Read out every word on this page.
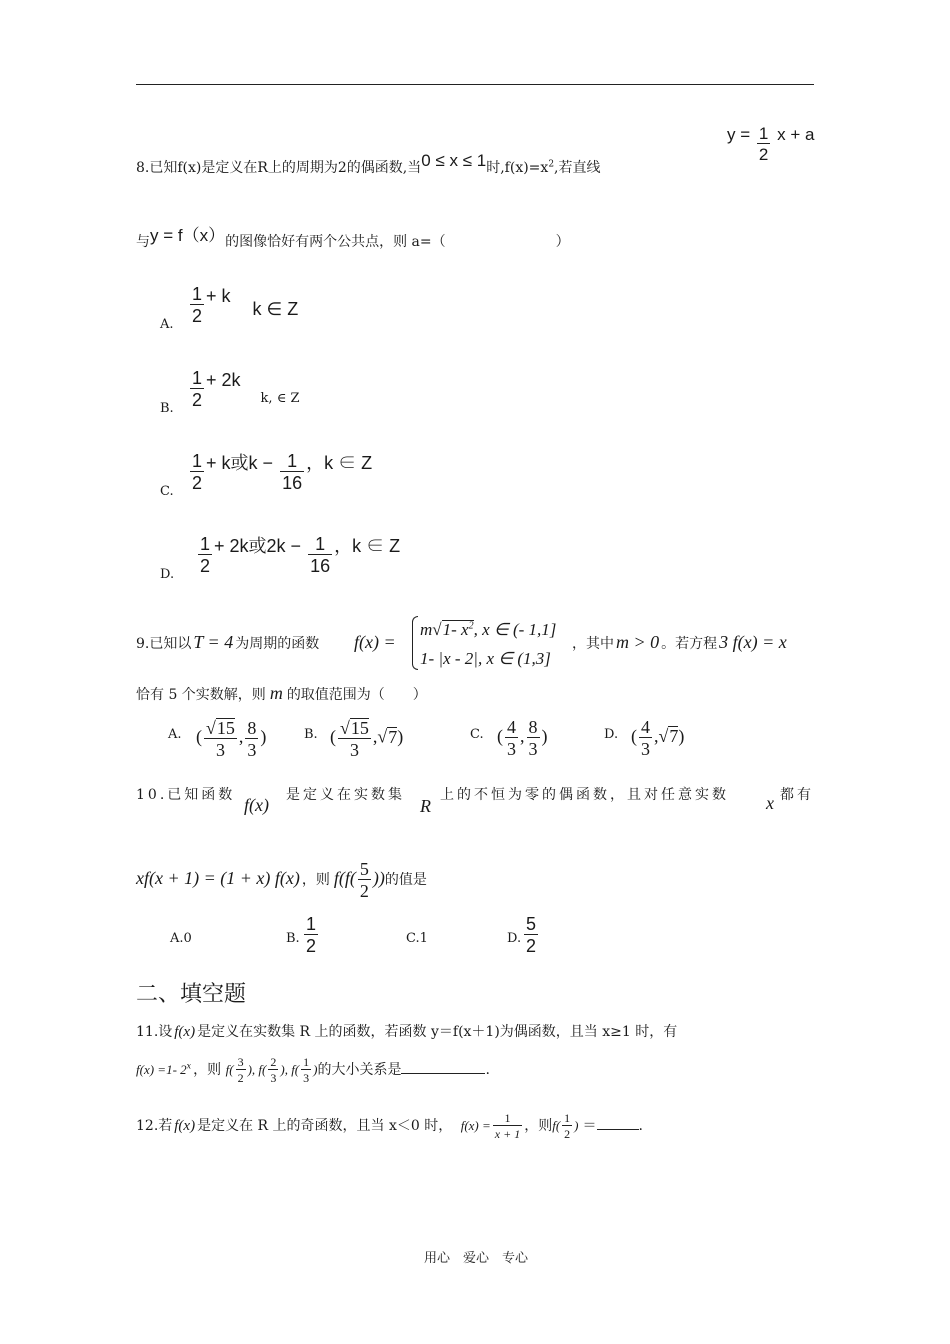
8.已知f(x)是定义在R上的周期为2的偶函数,当0 ≤ x ≤ 1时$,f(x)=x^2$,若直线
$y = \frac{1}{2}$ x + a
与y = f（x）的图像恰好有两个公共点，则 a=（	）
A. $\frac{1}{2}$ + kk ∈ Z
B. $\frac{1}{2} + 2k_{k, \in Z}$
C. $\frac{1}{2} + k$或$k - \frac{1}{16}$ ，k ∈ Z
D. $\frac{1}{2} + 2k$或$2k - \frac{1}{16}$ ，k ∈ Z
9.已知以 T = 4 为周期的函数 f(x) =
m√1- $x^2$, x ∈ (- 1,1]
1- |x - 2|, x ∈ (1,3]
，其中 m > 0 。若方程 3 f(x) = x
恰有 5 个实数解，则 m 的取值范围为（　　）
A. ( $\frac{√15}{3}$ , $\frac{8}{3}$ )	B. ( $\frac{√15}{3} ,√7$)	C. ( $\frac{4}{3}$ , $\frac{8}{3}$ )	D. ( $\frac{4}{3} ,√7$)
10.已知函数 f(x) 是定义在实数集
R
上的不恒为零的偶函数，且对任意实数 x 都有
xf(x + 1) = (1 + x) f(x) ，则 $f(f( \frac{5}{2}$ ))的值是
A.0	B. $\frac{1}{2}$	C.1	D. $\frac{5}{2}$
二、填空题
11.设 f(x) 是定义在实数集 R 上的函数，若函数 y＝f(x＋1)为偶函数，且当 x≥1 时，有
f(x) =1- 2$^x$ ，则 $f( \frac{3}{2}$ ), $f( \frac{2}{3}$ ), $f( \frac{1}{3}$ )的大小关系是	.
12.若 f(x) 是定义在 R 上的奇函数，且当 x＜0 时， $f(x) = \frac{1}{x + 1}$ ，则$f( \frac{1}{2}$ ) ＝	.
用心　爱心　专心
